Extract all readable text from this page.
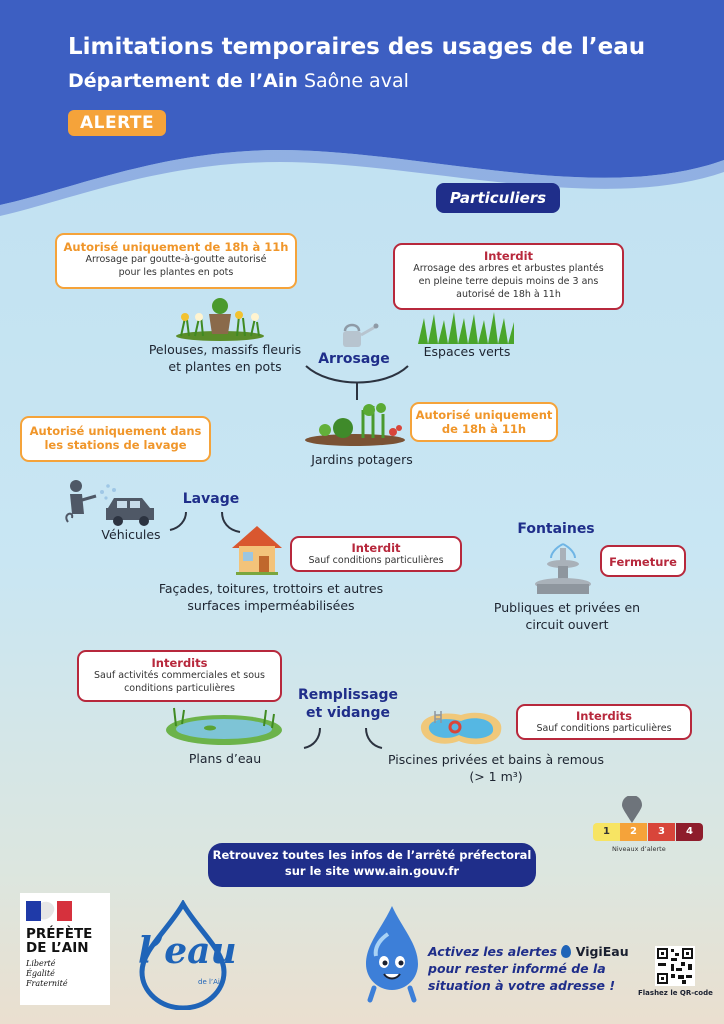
Limitations temporaires des usages de l’eau
Département de l’Ain Saône aval
ALERTE
Particuliers
Autorisé uniquement de 18h à 11h
Arrosage par goutte-à-goutte autorisé
pour les plantes en pots
Pelouses, massifs fleuris
et plantes en pots
Interdit
Arrosage des arbres et arbustes plantés
en pleine terre depuis moins de 3 ans
autorisé de 18h à 11h
Espaces verts
Arrosage
Autorisé uniquement
de 18h à 11h
Jardins potagers
Autorisé uniquement dans
les stations de lavage
Véhicules
Lavage
Interdit
Sauf conditions particulières
Façades, toitures, trottoirs et autres
surfaces imperméabilisées
Fontaines
Fermeture
Publiques et privées en
circuit ouvert
Interdits
Sauf activités commerciales et sous
conditions particulières
Plans d’eau
Remplissage
et vidange	Interdits
Sauf conditions particulières
Piscines privées et bains à remous
(> 1 m³)
1	2	3	4
Niveaux d’alerte
Retrouvez toutes les infos de l’arrêté préfectoral
sur le site www.ain.gouv.fr
PRÉFÈTE
DE L’AIN
Liberté
Égalité
Fraternité
l’eau
de l’Ain
Activez les alertes VigiEau
pour rester informé de la
situation à votre adresse !
Flashez le QR-code
